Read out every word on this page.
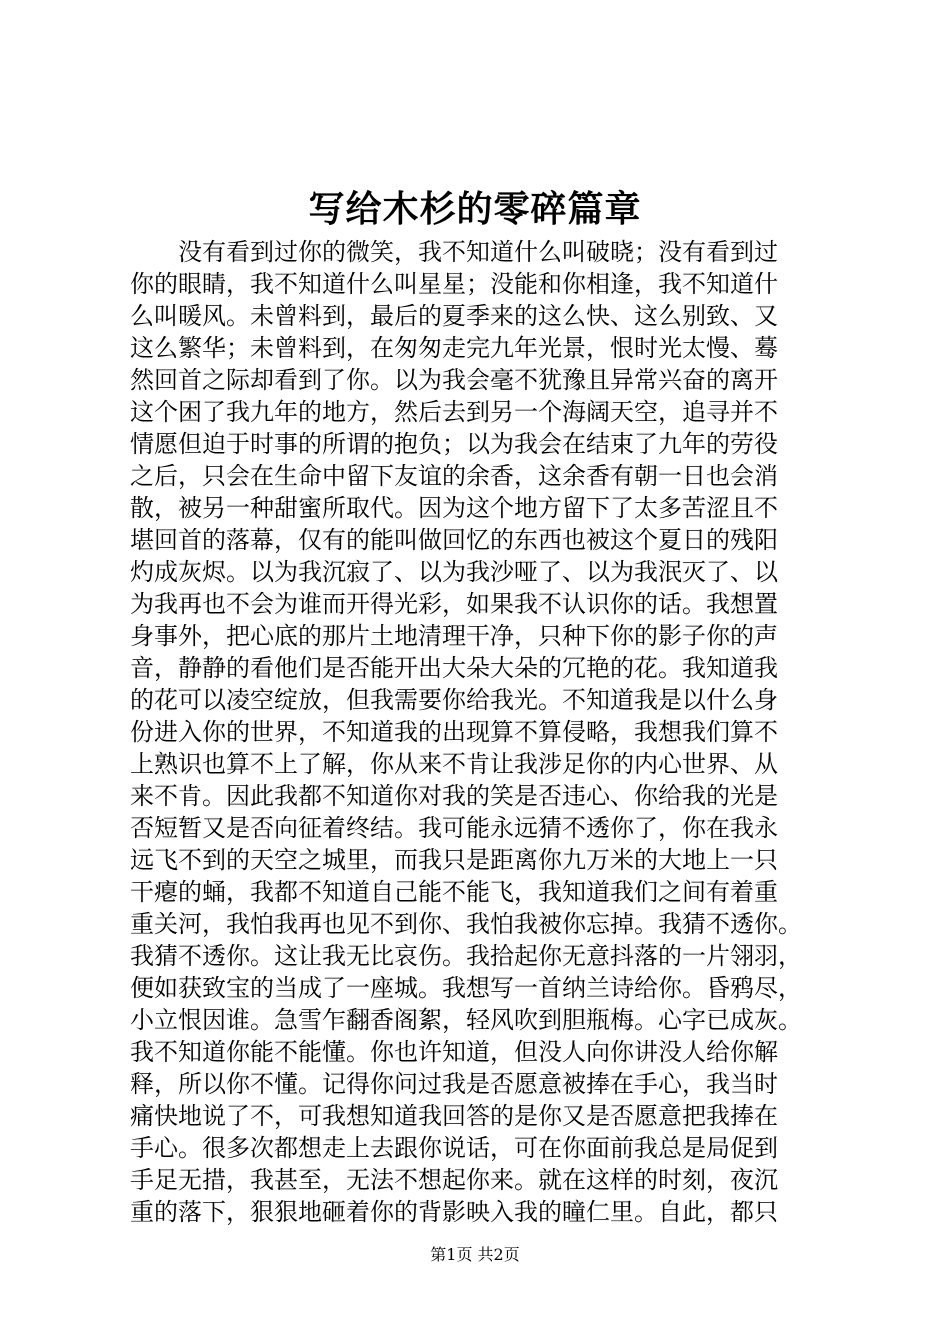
写给木杉的零碎篇章
　　没有看到过你的微笑，我不知道什么叫破晓；没有看到过
你的眼睛，我不知道什么叫星星；没能和你相逢，我不知道什
么叫暖风。未曾料到，最后的夏季来的这么快、这么别致、又
这么繁华；未曾料到，在匆匆走完九年光景，恨时光太慢、蓦
然回首之际却看到了你。以为我会毫不犹豫且异常兴奋的离开
这个困了我九年的地方，然后去到另一个海阔天空，追寻并不
情愿但迫于时事的所谓的抱负；以为我会在结束了九年的劳役
之后，只会在生命中留下友谊的余香，这余香有朝一日也会消
散，被另一种甜蜜所取代。因为这个地方留下了太多苦涩且不
堪回首的落幕，仅有的能叫做回忆的东西也被这个夏日的残阳
灼成灰烬。以为我沉寂了、以为我沙哑了、以为我泯灭了、以
为我再也不会为谁而开得光彩，如果我不认识你的话。我想置
身事外，把心底的那片土地清理干净，只种下你的影子你的声
音，静静的看他们是否能开出大朵大朵的冗艳的花。我知道我
的花可以凌空绽放，但我需要你给我光。不知道我是以什么身
份进入你的世界，不知道我的出现算不算侵略，我想我们算不
上熟识也算不上了解，你从来不肯让我涉足你的内心世界、从
来不肯。因此我都不知道你对我的笑是否违心、你给我的光是
否短暂又是否向征着终结。我可能永远猜不透你了，你在我永
远飞不到的天空之城里，而我只是距离你九万米的大地上一只
干瘪的蛹，我都不知道自己能不能飞，我知道我们之间有着重
重关河，我怕我再也见不到你、我怕我被你忘掉。我猜不透你。
我猜不透你。这让我无比哀伤。我拾起你无意抖落的一片翎羽，
便如获致宝的当成了一座城。我想写一首纳兰诗给你。昏鸦尽，
小立恨因谁。急雪乍翻香阁絮，轻风吹到胆瓶梅。心字已成灰。
我不知道你能不能懂。你也许知道，但没人向你讲没人给你解
释，所以你不懂。记得你问过我是否愿意被捧在手心，我当时
痛快地说了不，可我想知道我回答的是你又是否愿意把我捧在
手心。很多次都想走上去跟你说话，可在你面前我总是局促到
手足无措，我甚至，无法不想起你来。就在这样的时刻，夜沉
重的落下，狠狠地砸着你的背影映入我的瞳仁里。自此，都只
第1页 共2页
